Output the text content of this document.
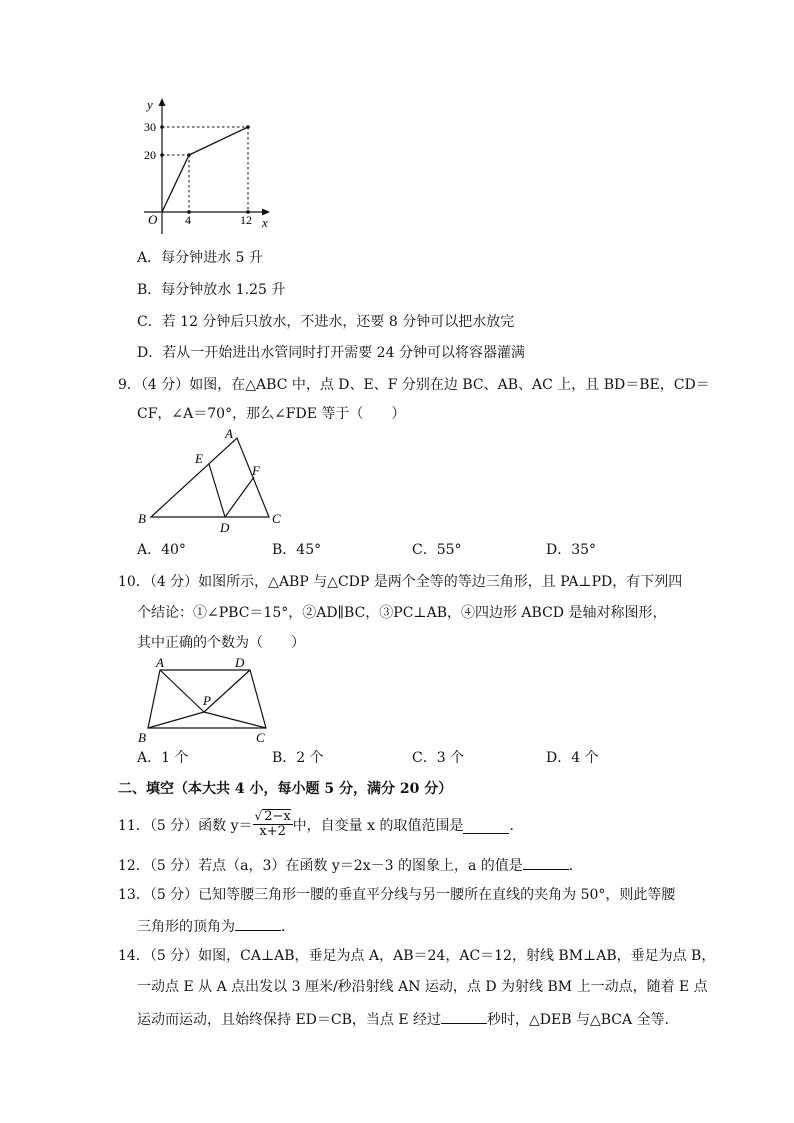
y
x
O
30
20
4	12
A．每分钟进水 5 升
B．每分钟放水 1.25 升
C．若 12 分钟后只放水，不进水，还要 8 分钟可以把水放完
D．若从一开始进出水管同时打开需要 24 分钟可以将容器灌满
9．（4 分）如图，在△ABC 中，点 D、E、F 分别在边 BC、AB、AC 上，且 BD＝BE，CD＝
CF，∠A＝70°，那么∠FDE 等于（　　）
A
E
F
B
D
C
A．40°	B．45°	C．55°	D．35°
10．（4 分）如图所示，△ABP 与△CDP 是两个全等的等边三角形，且 PA⊥PD，有下列四
个结论：①∠PBC＝15°，②AD∥BC，③PC⊥AB，④四边形 ABCD 是轴对称图形，
其中正确的个数为（　　）
A	D
P
B	C
A．1 个	B．2 个	C．3 个	D．4 个
二、填空（本大共 4 小，每小题 5 分，满分 20 分）
11．（5 分）函数 $y= \frac{√ 2-x}{x+2}$ 中，自变量 x 的取值范围是	．
12．（5 分）若点（a，3）在函数 y＝2x－3 的图象上，a 的值是	．
13．（5 分）已知等腰三角形一腰的垂直平分线与另一腰所在直线的夹角为 50°，则此等腰
三角形的顶角为	．
14．（5 分）如图，CA⊥AB，垂足为点 A，AB＝24，AC＝12，射线 BM⊥AB，垂足为点 B，
一动点 E 从 A 点出发以 3 厘米/秒沿射线 AN 运动，点 D 为射线 BM 上一动点，随着 E 点
运动而运动，且始终保持 ED＝CB，当点 E 经过	秒时，△DEB 与△BCA 全等．
